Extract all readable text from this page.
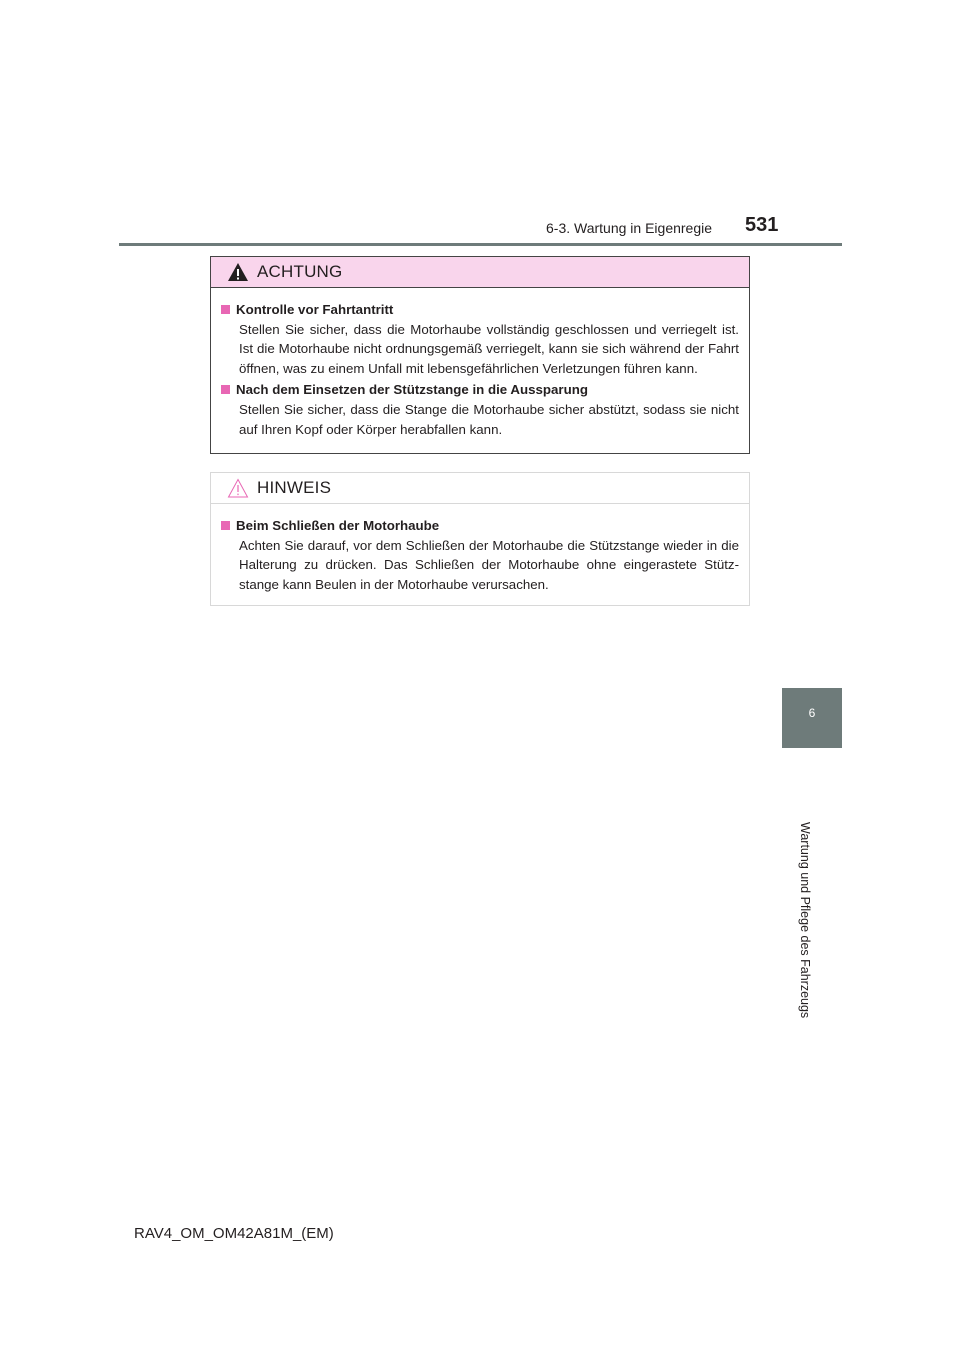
6-3. Wartung in Eigenregie 531
ACHTUNG
Kontrolle vor Fahrtantritt
Stellen Sie sicher, dass die Motorhaube vollständig geschlossen und verriegelt ist. Ist die Motorhaube nicht ordnungsgemäß verriegelt, kann sie sich während der Fahrt öffnen, was zu einem Unfall mit lebensgefährlichen Verletzungen führen kann.
Nach dem Einsetzen der Stützstange in die Aussparung
Stellen Sie sicher, dass die Stange die Motorhaube sicher abstützt, sodass sie nicht auf Ihren Kopf oder Körper herabfallen kann.
HINWEIS
Beim Schließen der Motorhaube
Achten Sie darauf, vor dem Schließen der Motorhaube die Stützstange wieder in die Halterung zu drücken. Das Schließen der Motorhaube ohne eingerastete Stütz-stange kann Beulen in der Motorhaube verursachen.
6
Wartung und Pflege des Fahrzeugs
RAV4_OM_OM42A81M_(EM)
